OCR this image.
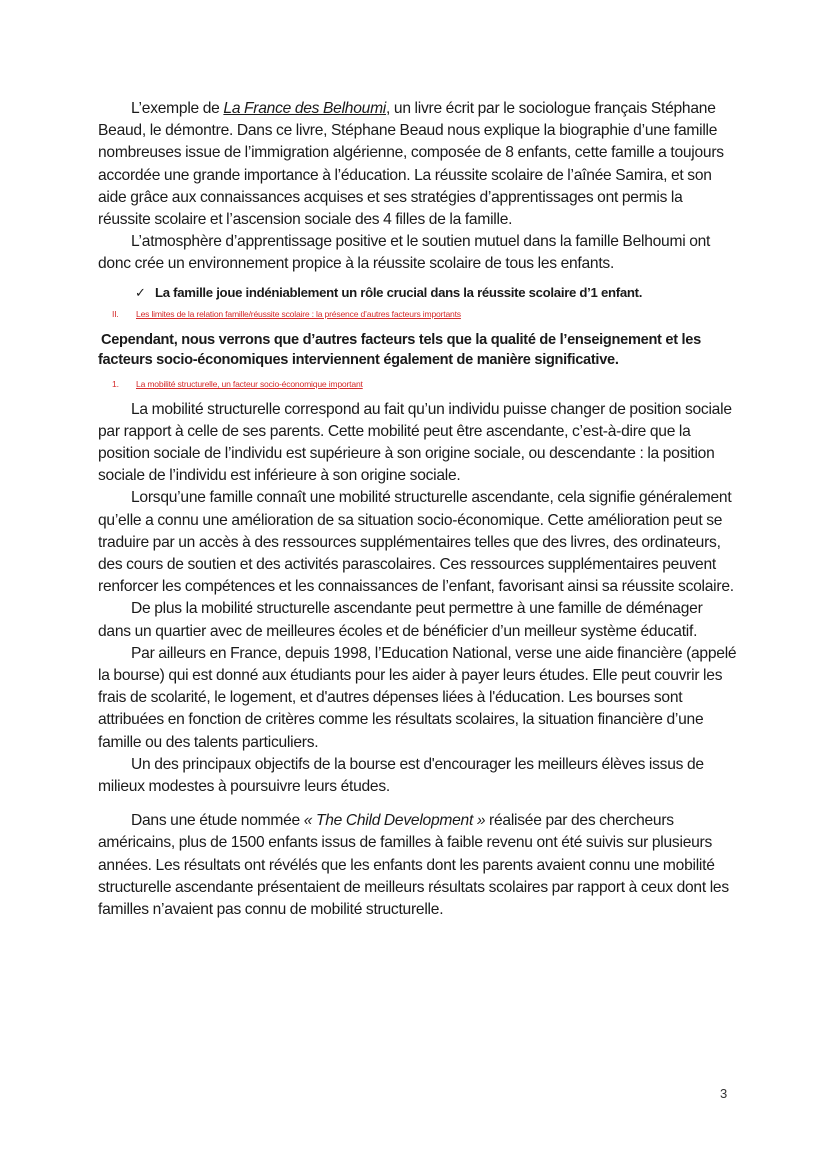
L’exemple de La France des Belhoumi, un livre écrit par le sociologue français Stéphane Beaud, le démontre. Dans ce livre, Stéphane Beaud nous explique la biographie d’une famille nombreuses issue de l’immigration algérienne, composée de 8 enfants, cette famille a toujours accordée une grande importance à l’éducation. La réussite scolaire de l’aînée Samira, et son aide grâce aux connaissances acquises et ses stratégies d’apprentissages ont permis la réussite scolaire et l’ascension sociale des 4 filles de la famille.

L’atmosphère d’apprentissage positive et le soutien mutuel dans la famille Belhoumi ont donc crée un environnement propice à la réussite scolaire de tous les enfants.

✓ La famille joue indéniablement un rôle crucial dans la réussite scolaire d’1 enfant.

II. Les limites de la relation famille/réussite scolaire : la présence d’autres facteurs importants

Cependant, nous verrons que d’autres facteurs tels que la qualité de l’enseignement et les facteurs socio-économiques interviennent également de manière significative.

1. La mobilité structurelle, un facteur socio-économique important

La mobilité structurelle correspond au fait qu’un individu puisse changer de position sociale par rapport à celle de ses parents. Cette mobilité peut être ascendante, c’est-à-dire que la position sociale de l’individu est supérieure à son origine sociale, ou descendante : la position sociale de l’individu est inférieure à son origine sociale.

Lorsqu’une famille connaît une mobilité structurelle ascendante, cela signifie généralement qu’elle a connu une amélioration de sa situation socio-économique. Cette amélioration peut se traduire par un accès à des ressources supplémentaires telles que des livres, des ordinateurs, des cours de soutien et des activités parascolaires. Ces ressources supplémentaires peuvent renforcer les compétences et les connaissances de l’enfant, favorisant ainsi sa réussite scolaire.

De plus la mobilité structurelle ascendante peut permettre à une famille de déménager dans un quartier avec de meilleures écoles et de bénéficier d’un meilleur système éducatif.

Par ailleurs en France, depuis 1998, l’Education National, verse une aide financière (appelé la bourse) qui est donné aux étudiants pour les aider à payer leurs études. Elle peut couvrir les frais de scolarité, le logement, et d'autres dépenses liées à l'éducation. Les bourses sont attribuées en fonction de critères comme les résultats scolaires, la situation financière d’une famille ou des talents particuliers.

Un des principaux objectifs de la bourse est d'encourager les meilleurs élèves issus de milieux modestes à poursuivre leurs études.

Dans une étude nommée « The Child Development » réalisée par des chercheurs américains, plus de 1500 enfants issus de familles à faible revenu ont été suivis sur plusieurs années. Les résultats ont révélés que les enfants dont les parents avaient connu une mobilité structurelle ascendante présentaient de meilleurs résultats scolaires par rapport à ceux dont les familles n’avaient pas connu de mobilité structurelle.

3
